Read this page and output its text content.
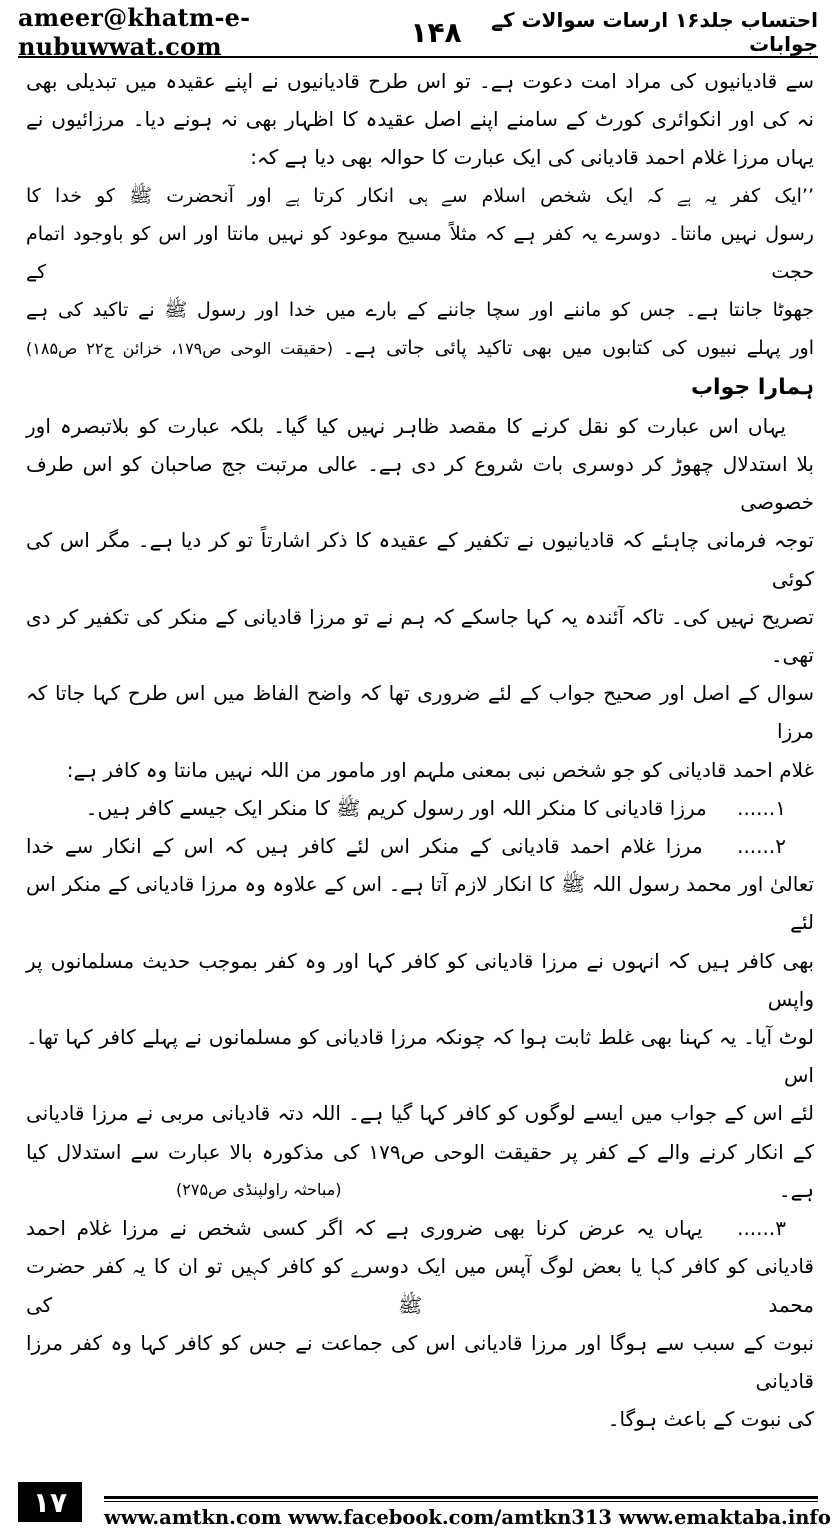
ameer@khatm-e-nubuwwat.com	۱۴۸	احتساب جلد۱۶ ارسات سوالات کے جوابات

سے قادیانیوں کی مراد امت دعوت ہے۔ تو اس طرح قادیانیوں نے اپنے عقیدہ میں تبدیلی بھی
نہ کی اور انکوائری کورٹ کے سامنے اپنے اصل عقیدہ کا اظہار بھی نہ ہونے دیا۔ مرزائیوں نے
یہاں مرزا غلام احمد قادیانی کی ایک عبارت کا حوالہ بھی دیا ہے کہ:

’’ایک کفر یہ ہے کہ ایک شخص اسلام سے ہی انکار کرتا ہے اور آنحضرت ﷺ کو خدا کا
رسول نہیں مانتا۔ دوسرے یہ کفر ہے کہ مثلاً مسیح موعود کو نہیں مانتا اور اس کو باوجود اتمام حجت کے
جھوٹا جانتا ہے۔ جس کو ماننے اور سچا جاننے کے بارے میں خدا اور رسول ﷺ نے تاکید کی ہے
اور پہلے نبیوں کی کتابوں میں بھی تاکید پائی جاتی ہے۔ (حقیقت الوحی ص۱۷۹، خزائن ج۲۲ ص۱۸۵)

ہمارا جواب

یہاں اس عبارت کو نقل کرنے کا مقصد ظاہر نہیں کیا گیا۔ بلکہ عبارت کو بلاتبصرہ اور
بلا استدلال چھوڑ کر دوسری بات شروع کر دی ہے۔ عالی مرتبت جج صاحبان کو اس طرف خصوصی
توجہ فرمانی چاہئے کہ قادیانیوں نے تکفیر کے عقیدہ کا ذکر اشارتاً تو کر دیا ہے۔ مگر اس کی کوئی
تصریح نہیں کی۔ تاکہ آئندہ یہ کہا جاسکے کہ ہم نے تو مرزا قادیانی کے منکر کی تکفیر کر دی تھی۔
سوال کے اصل اور صحیح جواب کے لئے ضروری تھا کہ واضح الفاظ میں اس طرح کہا جاتا کہ مرزا
غلام احمد قادیانی کو جو شخص نبی بمعنی ملہم اور مامور من اللہ نہیں مانتا وہ کافر ہے:

۱...... مرزا قادیانی کا منکر اللہ اور رسول کریم ﷺ کا منکر ایک جیسے کافر ہیں۔

۲...... مرزا غلام احمد قادیانی کے منکر اس لئے کافر ہیں کہ اس کے انکار سے خدا
تعالیٰ اور محمد رسول اللہ ﷺ کا انکار لازم آتا ہے۔ اس کے علاوہ وہ مرزا قادیانی کے منکر اس لئے
بھی کافر ہیں کہ انہوں نے مرزا قادیانی کو کافر کہا اور وہ کفر بموجب حدیث مسلمانوں پر واپس
لوٹ آیا۔ یہ کہنا بھی غلط ثابت ہوا کہ چونکہ مرزا قادیانی کو مسلمانوں نے پہلے کافر کہا تھا۔ اس
لئے اس کے جواب میں ایسے لوگوں کو کافر کہا گیا ہے۔ اللہ دتہ قادیانی مربی نے مرزا قادیانی
کے انکار کرنے والے کے کفر پر حقیقت الوحی ص۱۷۹ کی مذکورہ بالا عبارت سے استدلال کیا
ہے۔
(مباحثہ راولپنڈی ص۲۷۵)

۳...... یہاں یہ عرض کرنا بھی ضروری ہے کہ اگر کسی شخص نے مرزا غلام احمد
قادیانی کو کافر کہا یا بعض لوگ آپس میں ایک دوسرے کو کافر کہیں تو ان کا یہ کفر حضرت محمد ﷺ کی
نبوت کے سبب سے ہوگا اور مرزا قادیانی اس کی جماعت نے جس کو کافر کہا وہ کفر مرزا قادیانی
کی نبوت کے باعث ہوگا۔

۱۷	www.amtkn.com www.facebook.com/amtkn313 www.emaktaba.info
